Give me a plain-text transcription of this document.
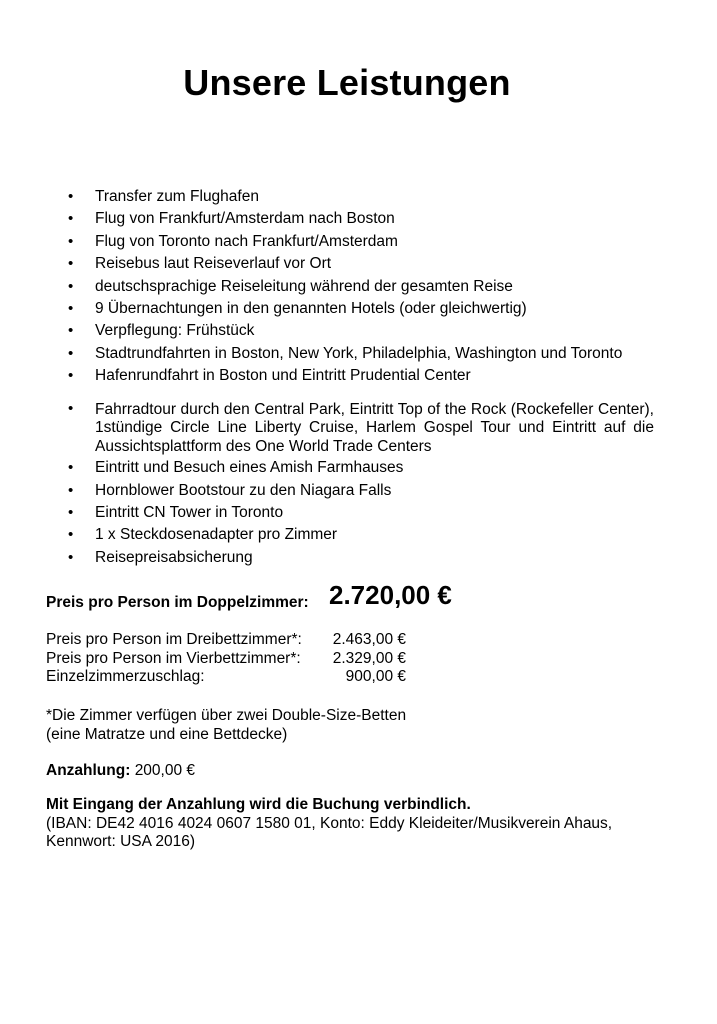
Unsere Leistungen
• Transfer zum Flughafen
• Flug von Frankfurt/Amsterdam nach Boston
• Flug von Toronto nach Frankfurt/Amsterdam
• Reisebus laut Reiseverlauf vor Ort
• deutschsprachige Reiseleitung während der gesamten Reise
• 9 Übernachtungen in den genannten Hotels (oder gleichwertig)
• Verpflegung: Frühstück
• Stadtrundfahrten in Boston, New York, Philadelphia, Washington und Toronto
• Hafenrundfahrt in Boston und Eintritt Prudential Center
• Fahrradtour durch den Central Park, Eintritt Top of the Rock (Rockefeller Center), 1stündige Circle Line Liberty Cruise, Harlem Gospel Tour und Eintritt auf die Aussichtsplattform des One World Trade Centers
• Eintritt und Besuch eines Amish Farmhauses
• Hornblower Bootstour zu den Niagara Falls
• Eintritt CN Tower in Toronto
• 1 x Steckdosenadapter pro Zimmer
• Reisepreisabsicherung
Preis pro Person im Doppelzimmer: 2.720,00 €
Preis pro Person im Dreibettzimmer*: 2.463,00 €
Preis pro Person im Vierbettzimmer*: 2.329,00 €
Einzelzimmerzuschlag:	900,00 €
*Die Zimmer verfügen über zwei Double-Size-Betten
(eine Matratze und eine Bettdecke)
Anzahlung: 200,00 €
Mit Eingang der Anzahlung wird die Buchung verbindlich.
(IBAN: DE42 4016 4024 0607 1580 01, Konto: Eddy Kleideiter/Musikverein Ahaus,
Kennwort: USA 2016)
